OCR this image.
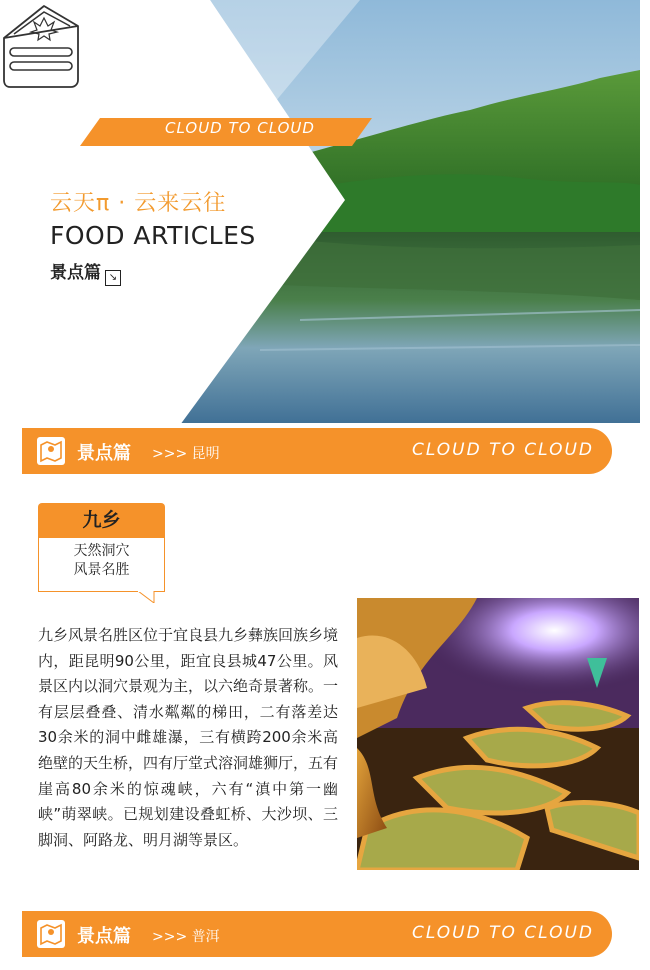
CLOUD TO CLOUD
云天π · 云来云往
FOOD ARTICLES
景点篇 ↘
景点篇 >>> 昆明	CLOUD TO CLOUD
九乡
天然洞穴
风景名胜
九乡风景名胜区位于宜良县九乡彝族回族乡境内，距昆明90公里，距宜良县城47公里。风景区内以洞穴景观为主，以六绝奇景著称。一有层层叠叠、清水粼粼的梯田，二有落差达30余米的洞中雌雄瀑，三有横跨200余米高绝壁的天生桥，四有厅堂式溶洞雄狮厅，五有崖高80余米的惊魂峡，六有“滇中第一幽峡”萌翠峡。已规划建设叠虹桥、大沙坝、三脚洞、阿路龙、明月湖等景区。
景点篇 >>> 普洱	CLOUD TO CLOUD
